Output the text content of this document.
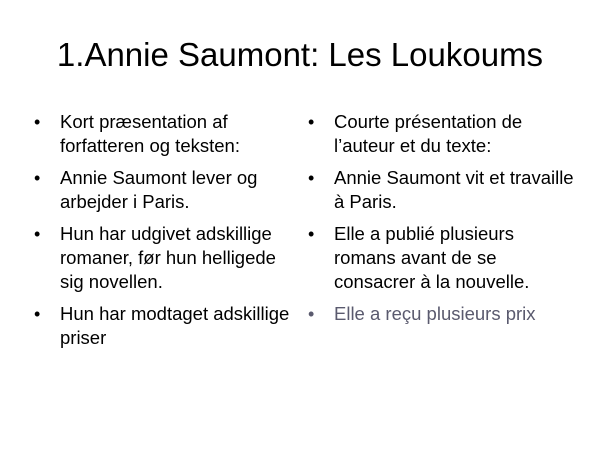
1.Annie Saumont: Les Loukoums
•	Kort præsentation af forfatteren og teksten:
•	Annie Saumont lever og arbejder i Paris.
•	Hun har udgivet adskillige romaner, før hun helligede sig novellen.
•	Hun har modtaget adskillige priser
•	Courte présentation de l’auteur et du texte:
•	Annie Saumont vit et travaille à Paris.
•	Elle a publié plusieurs romans avant de se consacrer à la nouvelle.
•	Elle a reçu plusieurs prix
